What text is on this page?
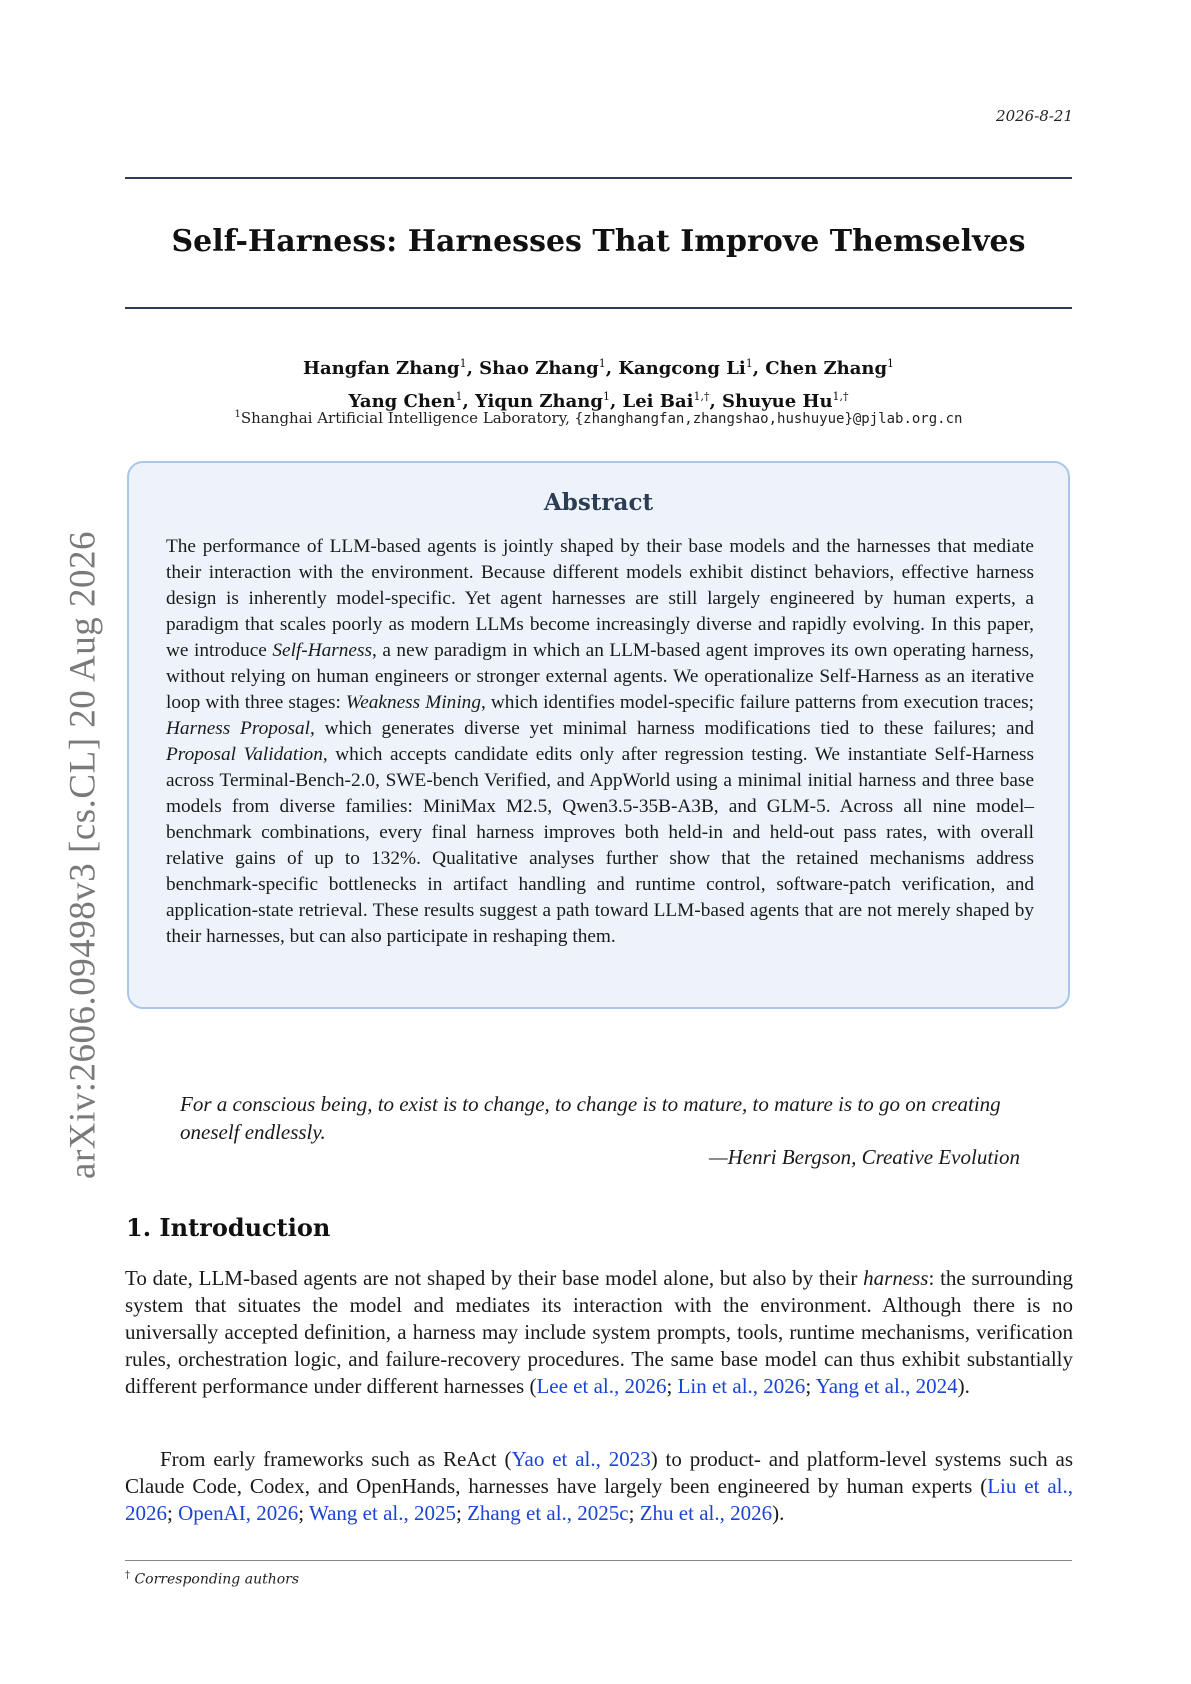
2026-8-21
arXiv:2606.09498v3 [cs.CL] 20 Aug 2026
Self-Harness: Harnesses That Improve Themselves
Hangfan Zhang$^1$, Shao Zhang$^1$, Kangcong Li$^1$, Chen Zhang$^1$
Yang Chen$^1$, Yiqun Zhang$^1$, Lei Bai$^{1,\dagger}$, Shuyue $Hu^{1,\dagger}$
$^1$Shanghai Artificial Intelligence Laboratory, {zhanghangfan,zhangshao,hushuyue}@pjlab.org.cn
Abstract
The performance of LLM-based agents is jointly shaped by their base models and the harnesses that mediate their interaction with the environment. Because different models exhibit distinct behaviors, effective harness design is inherently model-specific. Yet agent harnesses are still largely engineered by human experts, a paradigm that scales poorly as modern LLMs become increasingly diverse and rapidly evolving. In this paper, we introduce Self-Harness, a new paradigm in which an LLM-based agent improves its own operating harness, without relying on human engineers or stronger external agents. We operationalize Self-Harness as an iterative loop with three stages: Weakness Mining, which identifies model-specific failure patterns from execution traces; Harness Proposal, which generates diverse yet minimal harness modifications tied to these failures; and Proposal Validation, which accepts candidate edits only after regression testing. We instantiate Self-Harness across Terminal-Bench-2.0, SWE-bench Verified, and AppWorld using a minimal initial harness and three base models from diverse families: MiniMax M2.5, Qwen3.5-35B-A3B, and GLM-5. Across all nine model–benchmark combinations, every final harness improves both held-in and held-out pass rates, with overall relative gains of up to 132%. Qualitative analyses further show that the retained mechanisms address benchmark-specific bottlenecks in artifact handling and runtime control, software-patch verification, and application-state retrieval. These results suggest a path toward LLM-based agents that are not merely shaped by their harnesses, but can also participate in reshaping them.
For a conscious being, to exist is to change, to change is to mature, to mature is to go on creating oneself endlessly.
—Henri Bergson, Creative Evolution
1. Introduction
To date, LLM-based agents are not shaped by their base model alone, but also by their harness: the surrounding system that situates the model and mediates its interaction with the environment. Although there is no universally accepted definition, a harness may include system prompts, tools, runtime mechanisms, verification rules, orchestration logic, and failure-recovery procedures. The same base model can thus exhibit substantially different performance under different harnesses (Lee et al., 2026; Lin et al., 2026; Yang et al., 2024).
From early frameworks such as ReAct (Yao et al., 2023) to product- and platform-level systems such as Claude Code, Codex, and OpenHands, harnesses have largely been engineered by human experts (Liu et al., 2026; OpenAI, 2026; Wang et al., 2025; Zhang et al., 2025c; Zhu et al., 2026).
† Corresponding authors
